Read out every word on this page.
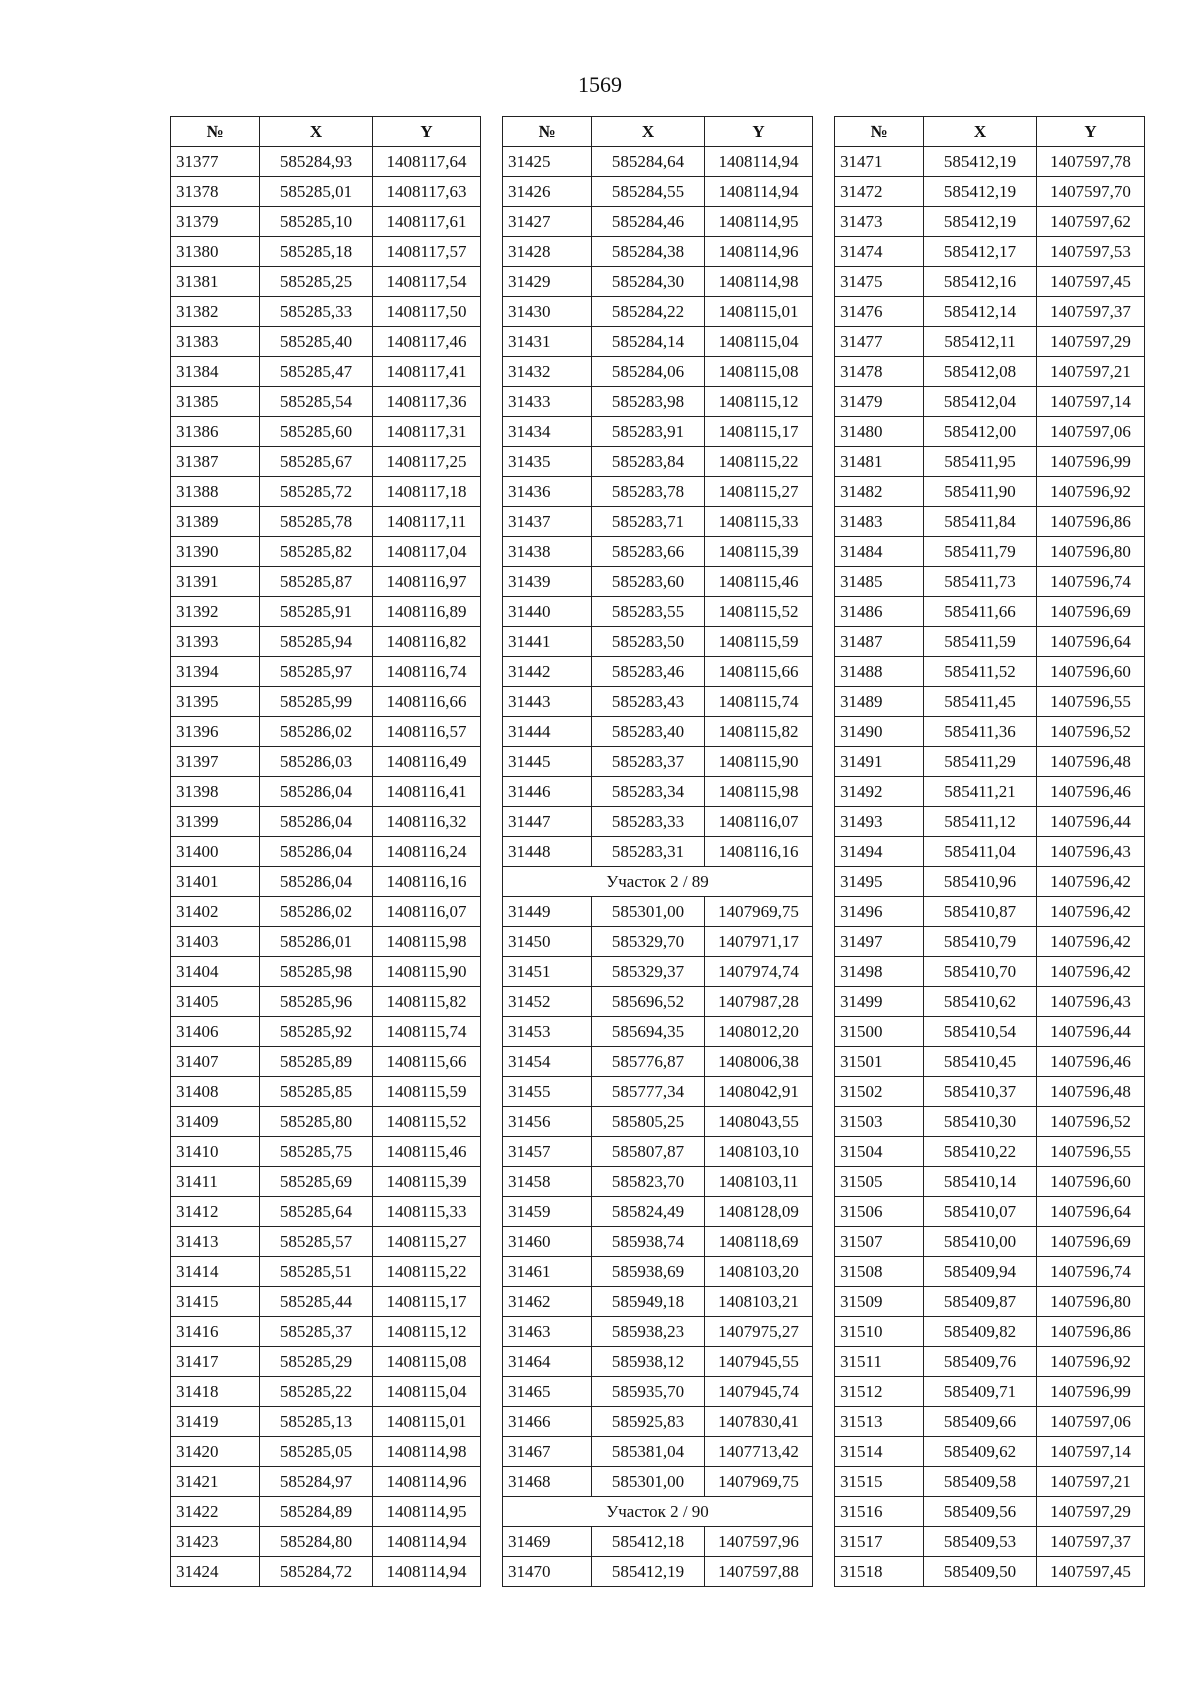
1569
№	X	Y
31377	585284,93	1408117,64
31378	585285,01	1408117,63
31379	585285,10	1408117,61
31380	585285,18	1408117,57
31381	585285,25	1408117,54
31382	585285,33	1408117,50
31383	585285,40	1408117,46
31384	585285,47	1408117,41
31385	585285,54	1408117,36
31386	585285,60	1408117,31
31387	585285,67	1408117,25
31388	585285,72	1408117,18
31389	585285,78	1408117,11
31390	585285,82	1408117,04
31391	585285,87	1408116,97
31392	585285,91	1408116,89
31393	585285,94	1408116,82
31394	585285,97	1408116,74
31395	585285,99	1408116,66
31396	585286,02	1408116,57
31397	585286,03	1408116,49
31398	585286,04	1408116,41
31399	585286,04	1408116,32
31400	585286,04	1408116,24
31401	585286,04	1408116,16
31402	585286,02	1408116,07
31403	585286,01	1408115,98
31404	585285,98	1408115,90
31405	585285,96	1408115,82
31406	585285,92	1408115,74
31407	585285,89	1408115,66
31408	585285,85	1408115,59
31409	585285,80	1408115,52
31410	585285,75	1408115,46
31411	585285,69	1408115,39
31412	585285,64	1408115,33
31413	585285,57	1408115,27
31414	585285,51	1408115,22
31415	585285,44	1408115,17
31416	585285,37	1408115,12
31417	585285,29	1408115,08
31418	585285,22	1408115,04
31419	585285,13	1408115,01
31420	585285,05	1408114,98
31421	585284,97	1408114,96
31422	585284,89	1408114,95
31423	585284,80	1408114,94
31424	585284,72	1408114,94
№	X	Y
31425	585284,64	1408114,94
31426	585284,55	1408114,94
31427	585284,46	1408114,95
31428	585284,38	1408114,96
31429	585284,30	1408114,98
31430	585284,22	1408115,01
31431	585284,14	1408115,04
31432	585284,06	1408115,08
31433	585283,98	1408115,12
31434	585283,91	1408115,17
31435	585283,84	1408115,22
31436	585283,78	1408115,27
31437	585283,71	1408115,33
31438	585283,66	1408115,39
31439	585283,60	1408115,46
31440	585283,55	1408115,52
31441	585283,50	1408115,59
31442	585283,46	1408115,66
31443	585283,43	1408115,74
31444	585283,40	1408115,82
31445	585283,37	1408115,90
31446	585283,34	1408115,98
31447	585283,33	1408116,07
31448	585283,31	1408116,16
Участок 2 / 89		
31449	585301,00	1407969,75
31450	585329,70	1407971,17
31451	585329,37	1407974,74
31452	585696,52	1407987,28
31453	585694,35	1408012,20
31454	585776,87	1408006,38
31455	585777,34	1408042,91
31456	585805,25	1408043,55
31457	585807,87	1408103,10
31458	585823,70	1408103,11
31459	585824,49	1408128,09
31460	585938,74	1408118,69
31461	585938,69	1408103,20
31462	585949,18	1408103,21
31463	585938,23	1407975,27
31464	585938,12	1407945,55
31465	585935,70	1407945,74
31466	585925,83	1407830,41
31467	585381,04	1407713,42
31468	585301,00	1407969,75
Участок 2 / 90		
31469	585412,18	1407597,96
31470	585412,19	1407597,88
№	X	Y
31471	585412,19	1407597,78
31472	585412,19	1407597,70
31473	585412,19	1407597,62
31474	585412,17	1407597,53
31475	585412,16	1407597,45
31476	585412,14	1407597,37
31477	585412,11	1407597,29
31478	585412,08	1407597,21
31479	585412,04	1407597,14
31480	585412,00	1407597,06
31481	585411,95	1407596,99
31482	585411,90	1407596,92
31483	585411,84	1407596,86
31484	585411,79	1407596,80
31485	585411,73	1407596,74
31486	585411,66	1407596,69
31487	585411,59	1407596,64
31488	585411,52	1407596,60
31489	585411,45	1407596,55
31490	585411,36	1407596,52
31491	585411,29	1407596,48
31492	585411,21	1407596,46
31493	585411,12	1407596,44
31494	585411,04	1407596,43
31495	585410,96	1407596,42
31496	585410,87	1407596,42
31497	585410,79	1407596,42
31498	585410,70	1407596,42
31499	585410,62	1407596,43
31500	585410,54	1407596,44
31501	585410,45	1407596,46
31502	585410,37	1407596,48
31503	585410,30	1407596,52
31504	585410,22	1407596,55
31505	585410,14	1407596,60
31506	585410,07	1407596,64
31507	585410,00	1407596,69
31508	585409,94	1407596,74
31509	585409,87	1407596,80
31510	585409,82	1407596,86
31511	585409,76	1407596,92
31512	585409,71	1407596,99
31513	585409,66	1407597,06
31514	585409,62	1407597,14
31515	585409,58	1407597,21
31516	585409,56	1407597,29
31517	585409,53	1407597,37
31518	585409,50	1407597,45
